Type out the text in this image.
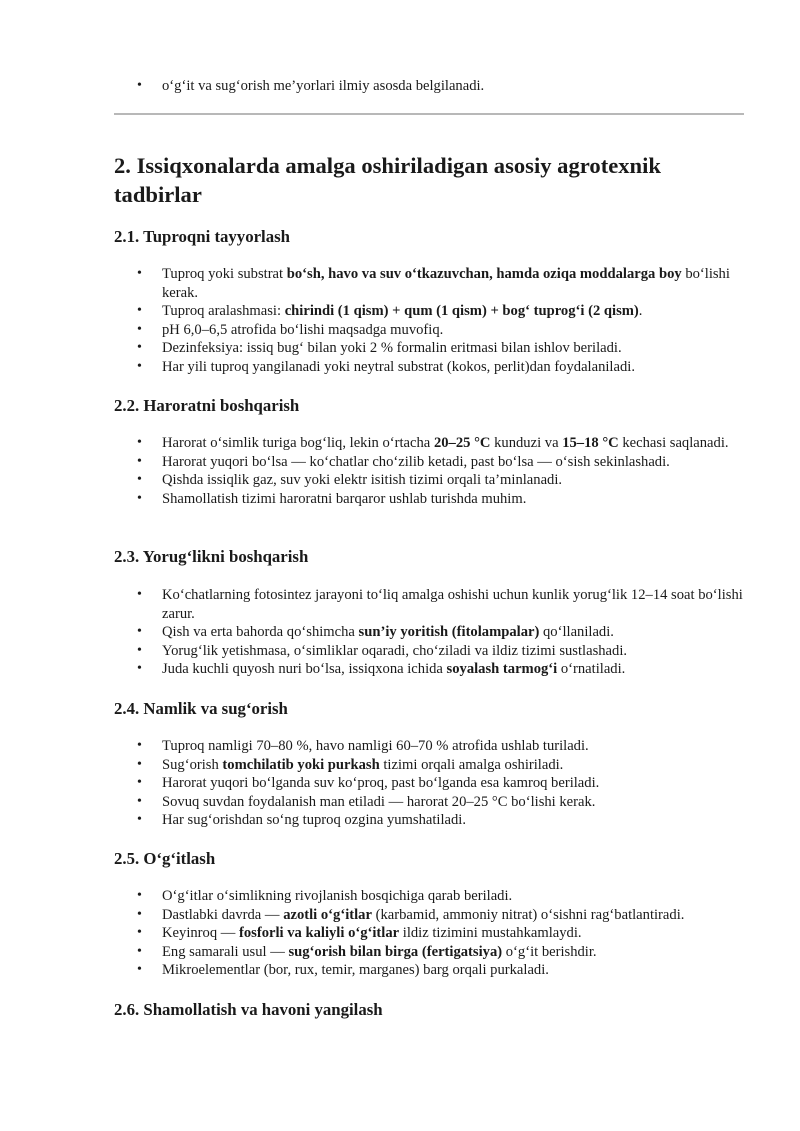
• o‘g‘it va sug‘orish me’yorlari ilmiy asosda belgilanadi.
2. Issiqxonalarda amalga oshiriladigan asosiy agrotexnik tadbirlar
2.1. Tuproqni tayyorlash
• Tuproq yoki substrat bo‘sh, havo va suv o‘tkazuvchan, hamda oziqa moddalarga boy bo‘lishi kerak.
• Tuproq aralashmasi: chirindi (1 qism) + qum (1 qism) + bog‘ tuprog‘i (2 qism).
• pH 6,0–6,5 atrofida bo‘lishi maqsadga muvofiq.
• Dezinfeksiya: issiq bug‘ bilan yoki 2 % formalin eritmasi bilan ishlov beriladi.
• Har yili tuproq yangilanadi yoki neytral substrat (kokos, perlit)dan foydalaniladi.
2.2. Haroratni boshqarish
• Harorat o‘simlik turiga bog‘liq, lekin o‘rtacha 20–25 °C kunduzi va 15–18 °C kechasi saqlanadi.
• Harorat yuqori bo‘lsa — ko‘chatlar cho‘zilib ketadi, past bo‘lsa — o‘sish sekinlashadi.
• Qishda issiqlik gaz, suv yoki elektr isitish tizimi orqali ta’minlanadi.
• Shamollatish tizimi haroratni barqaror ushlab turishda muhim.
2.3. Yorug‘likni boshqarish
• Ko‘chatlarning fotosintez jarayoni to‘liq amalga oshishi uchun kunlik yorug‘lik 12–14 soat bo‘lishi zarur.
• Qish va erta bahorda qo‘shimcha sun’iy yoritish (fitolampalar) qo‘llaniladi.
• Yorug‘lik yetishmasa, o‘simliklar oqaradi, cho‘ziladi va ildiz tizimi sustlashadi.
• Juda kuchli quyosh nuri bo‘lsa, issiqxona ichida soyalash tarmog‘i o‘rnatiladi.
2.4. Namlik va sug‘orish
• Tuproq namligi 70–80 %, havo namligi 60–70 % atrofida ushlab turiladi.
• Sug‘orish tomchilatib yoki purkash tizimi orqali amalga oshiriladi.
• Harorat yuqori bo‘lganda suv ko‘proq, past bo‘lganda esa kamroq beriladi.
• Sovuq suvdan foydalanish man etiladi — harorat 20–25 °C bo‘lishi kerak.
• Har sug‘orishdan so‘ng tuproq ozgina yumshatiladi.
2.5. O‘g‘itlash
• O‘g‘itlar o‘simlikning rivojlanish bosqichiga qarab beriladi.
• Dastlabki davrda — azotli o‘g‘itlar (karbamid, ammoniy nitrat) o‘sishni rag‘batlantiradi.
• Keyinroq — fosforli va kaliyli o‘g‘itlar ildiz tizimini mustahkamlaydi.
• Eng samarali usul — sug‘orish bilan birga (fertigatsiya) o‘g‘it berishdir.
• Mikroelementlar (bor, rux, temir, marganes) barg orqali purkaladi.
2.6. Shamollatish va havoni yangilash
